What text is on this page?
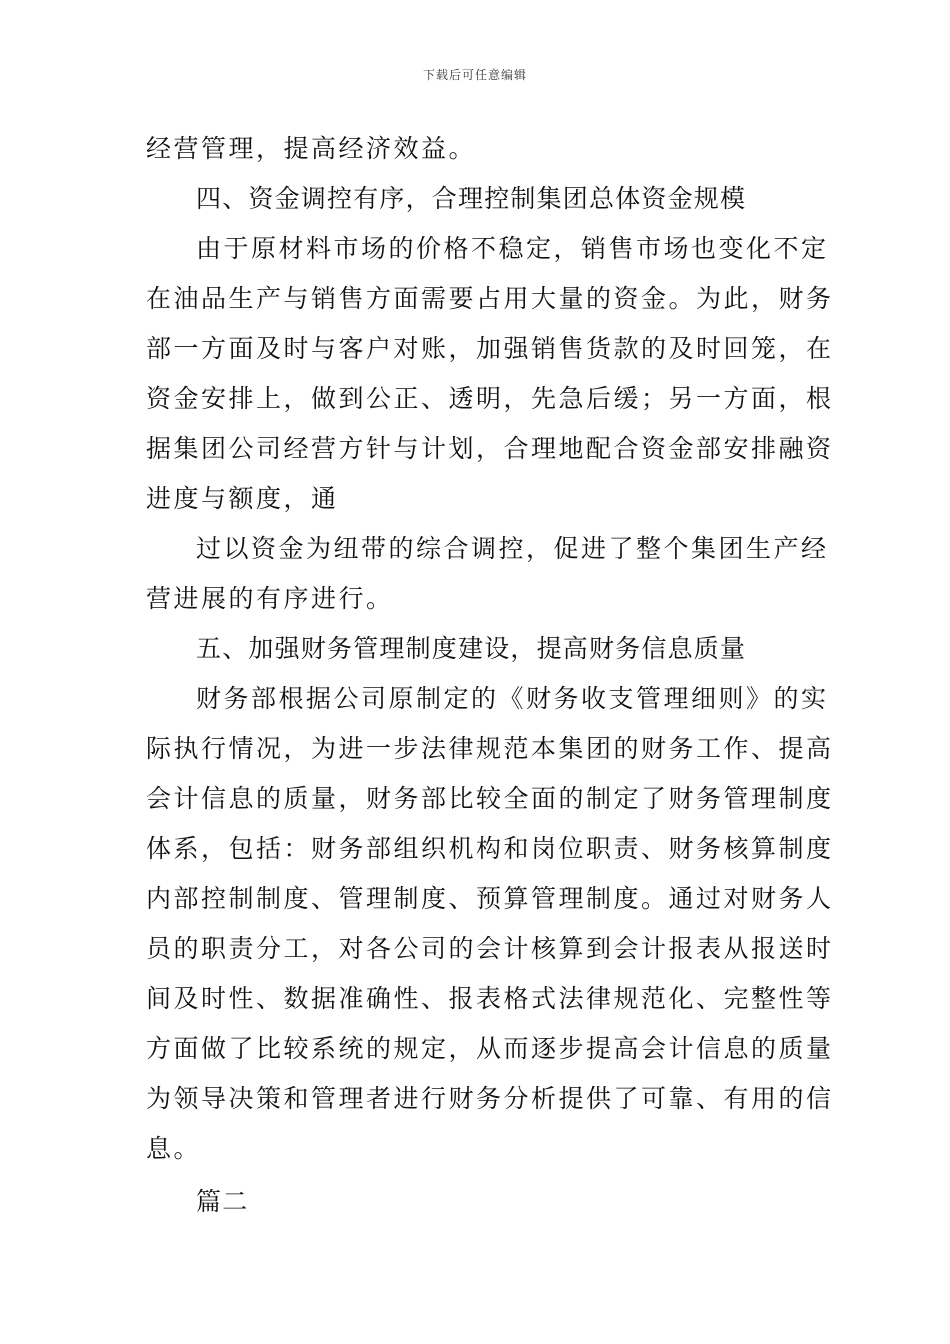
下载后可任意编辑
经营管理，提高经济效益。
四、资金调控有序，合理控制集团总体资金规模
由于原材料市场的价格不稳定，销售市场也变化不定
在油品生产与销售方面需要占用大量的资金。为此，财务
部一方面及时与客户对账，加强销售货款的及时回笼，在
资金安排上，做到公正、透明，先急后缓；另一方面，根
据集团公司经营方针与计划，合理地配合资金部安排融资
进度与额度，通
过以资金为纽带的综合调控，促进了整个集团生产经
营进展的有序进行。
五、加强财务管理制度建设，提高财务信息质量
财务部根据公司原制定的《财务收支管理细则》的实
际执行情况，为进一步法律规范本集团的财务工作、提高
会计信息的质量，财务部比较全面的制定了财务管理制度
体系，包括：财务部组织机构和岗位职责、财务核算制度
内部控制制度、管理制度、预算管理制度。通过对财务人
员的职责分工，对各公司的会计核算到会计报表从报送时
间及时性、数据准确性、报表格式法律规范化、完整性等
方面做了比较系统的规定，从而逐步提高会计信息的质量
为领导决策和管理者进行财务分析提供了可靠、有用的信
息。
篇二
